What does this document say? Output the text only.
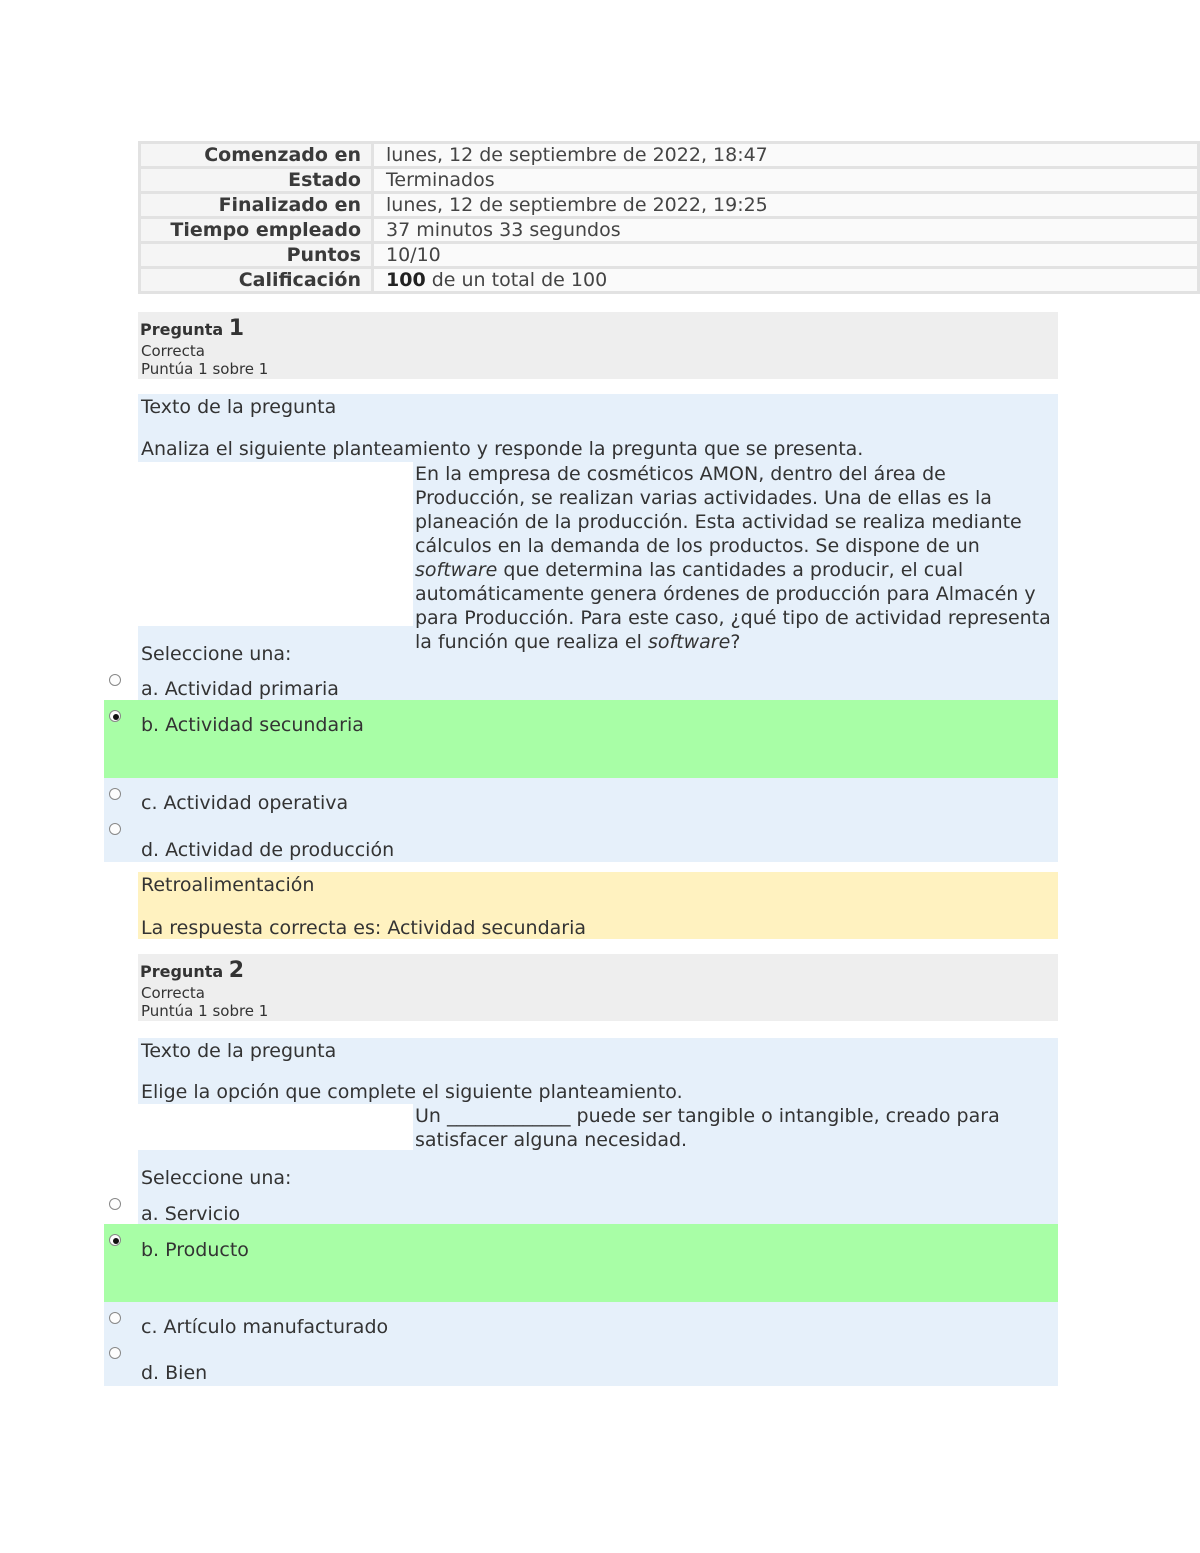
Comenzado en	lunes, 12 de septiembre de 2022, 18:47
Estado	Terminados
Finalizado en	lunes, 12 de septiembre de 2022, 19:25
Tiempo empleado	37 minutos 33 segundos
Puntos	10/10
Calificación	100 de un total de 100
Pregunta 1
Correcta
Puntúa 1 sobre 1
Texto de la pregunta
Analiza el siguiente planteamiento y responde la pregunta que se presenta.
En la empresa de cosméticos AMON, dentro del área de Producción, se realizan varias actividades. Una de ellas es la planeación de la producción. Esta actividad se realiza mediante cálculos en la demanda de los productos. Se dispone de un software que determina las cantidades a producir, el cual automáticamente genera órdenes de producción para Almacén y para Producción. Para este caso, ¿qué tipo de actividad representa la función que realiza el software?
Seleccione una:
a. Actividad primaria
b. Actividad secundaria
c. Actividad operativa
d. Actividad de producción
Retroalimentación
La respuesta correcta es: Actividad secundaria
Pregunta 2
Correcta
Puntúa 1 sobre 1
Texto de la pregunta
Elige la opción que complete el siguiente planteamiento.
Un _____________ puede ser tangible o intangible, creado para satisfacer alguna necesidad.
Seleccione una:
a. Servicio
b. Producto
c. Artículo manufacturado
d. Bien
